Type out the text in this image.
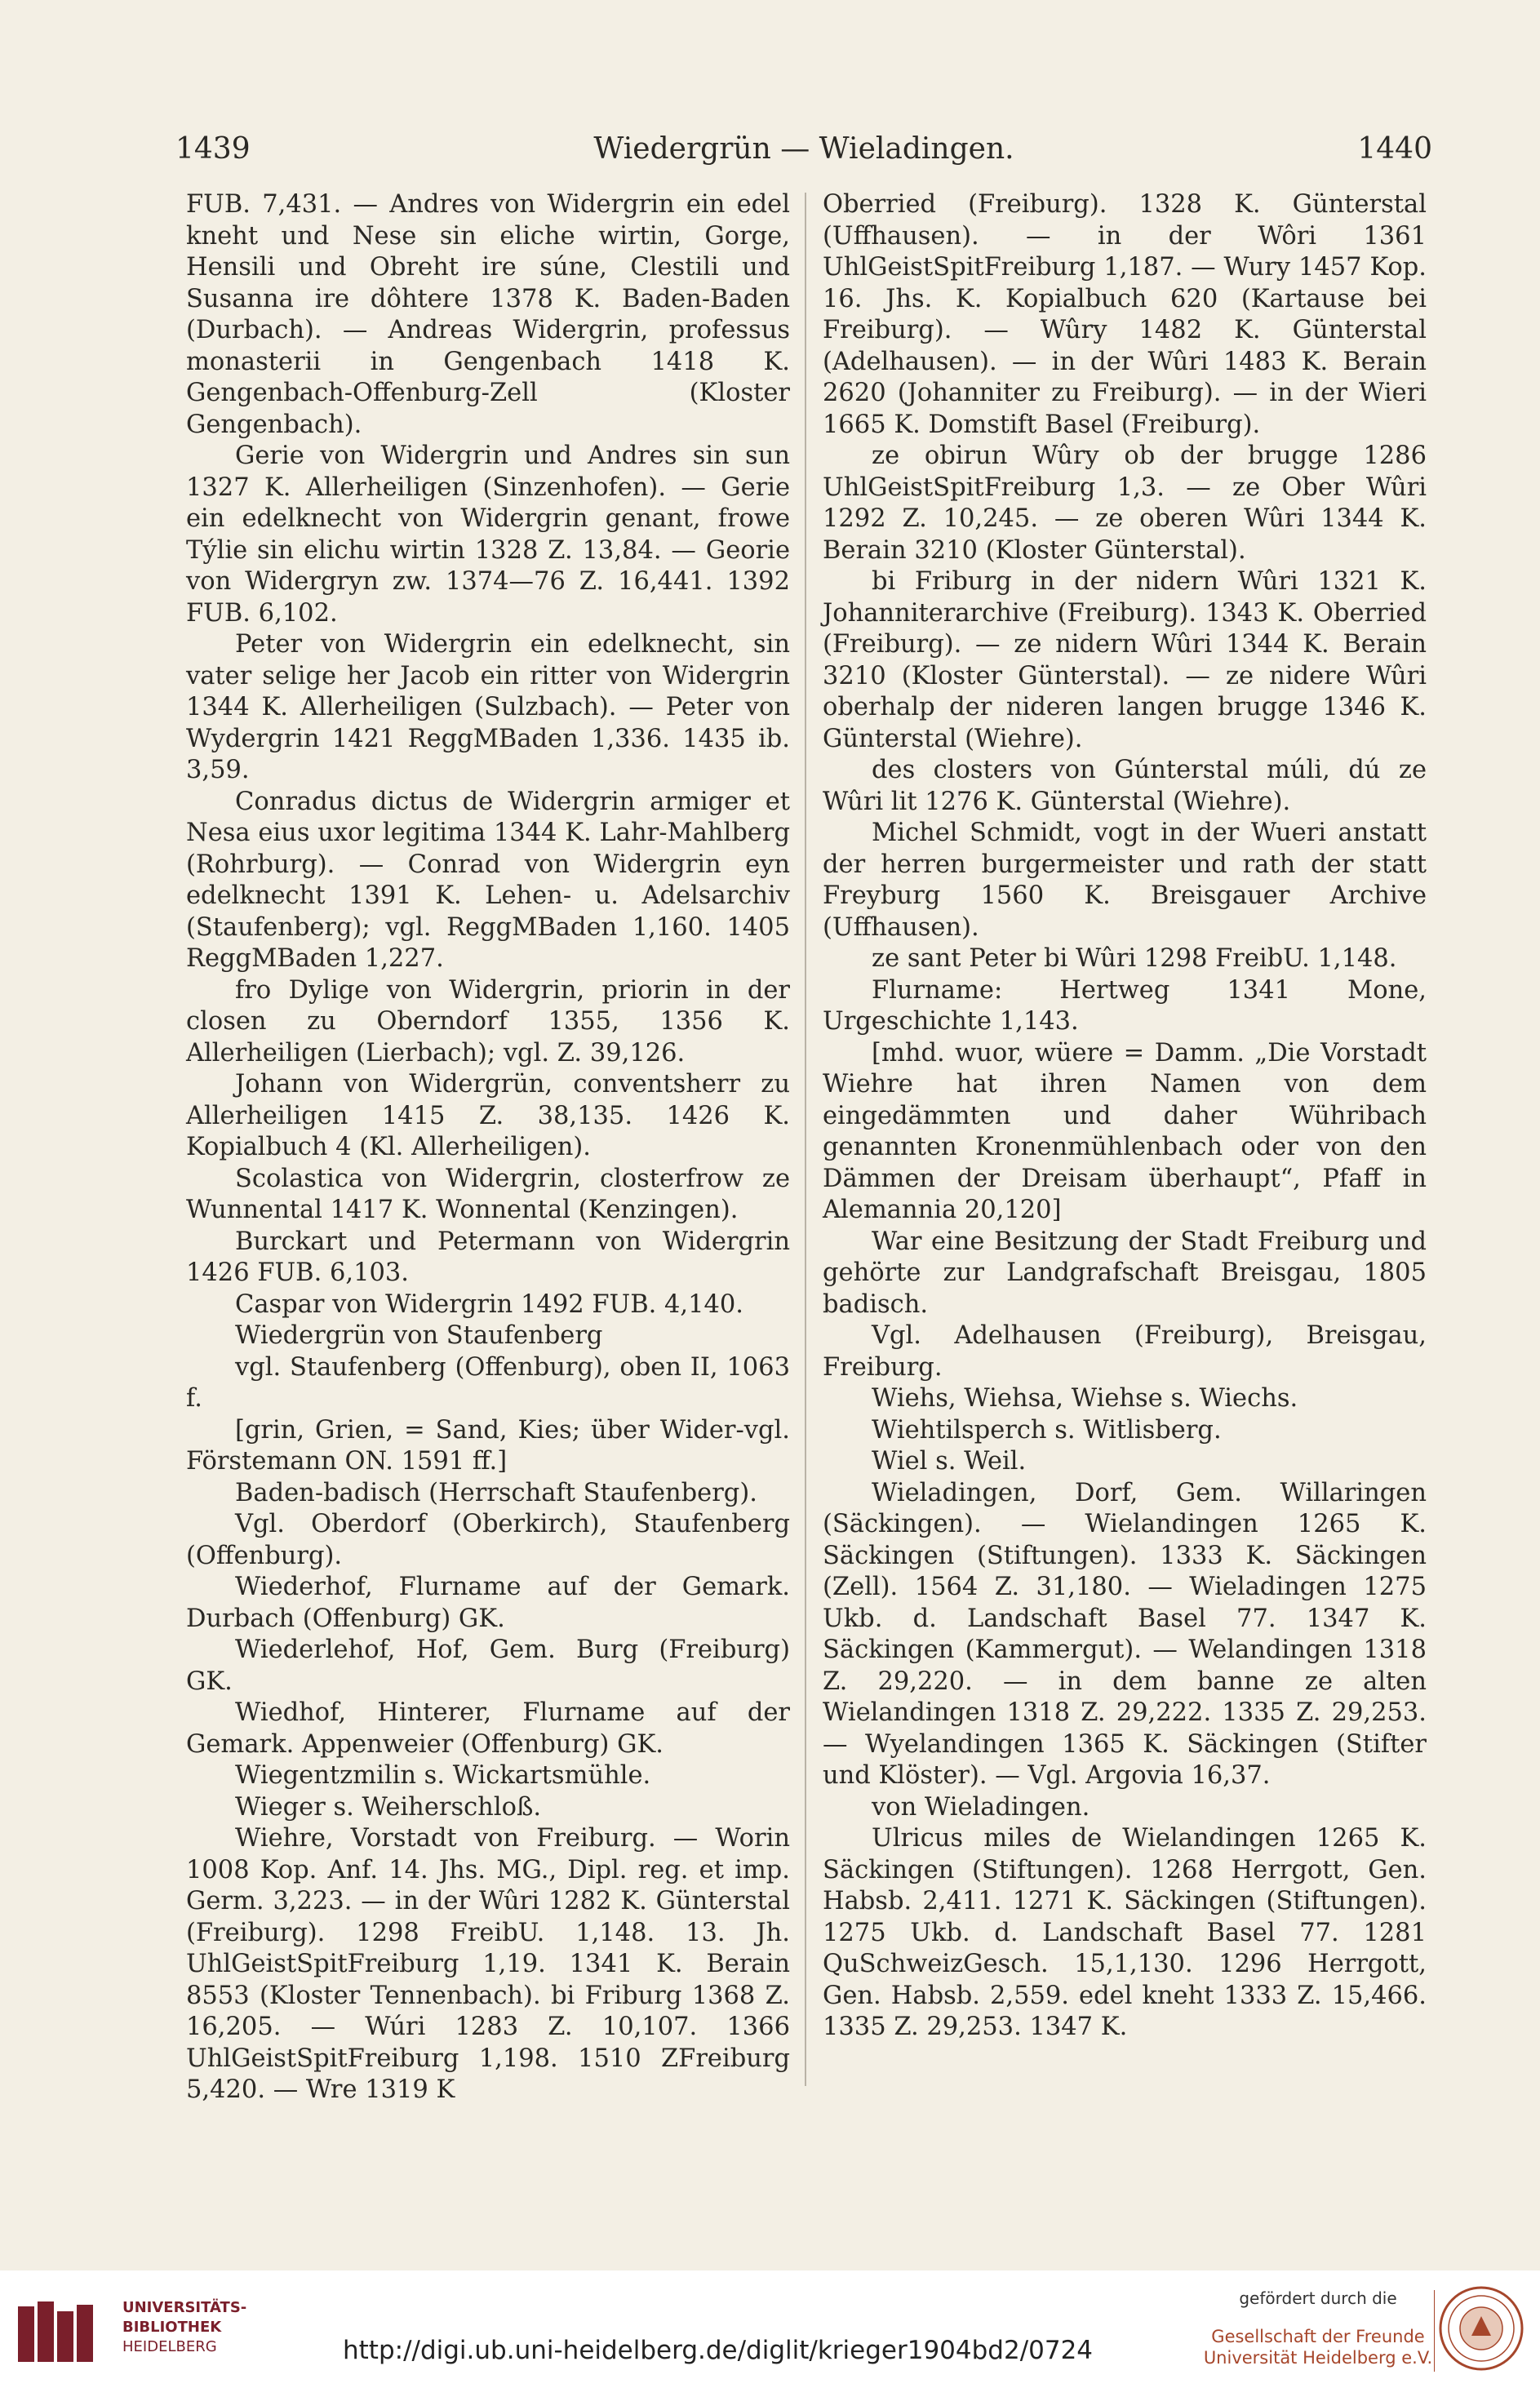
1439	Wiedergrün — Wieladingen.	1440

FUB. 7,431. — Andres von Widergrin ein edel kneht und Nese sin eliche wirtin, Gorge, Hensili und Obreht ire súne, Clestili und Susanna ire dôhtere 1378 K. Baden-Baden (Durbach). — Andreas Widergrin, professus monasterii in Gengenbach 1418 K. Gengenbach-Offenburg-Zell (Kloster Gengenbach).

Gerie von Widergrin und Andres sin sun 1327 K. Allerheiligen (Sinzenhofen). — Gerie ein edelknecht von Widergrin genant, frowe Týlie sin elichu wirtin 1328 Z. 13,84. — Georie von Widergryn zw. 1374—76 Z. 16,441. 1392 FUB. 6,102.

Peter von Widergrin ein edelknecht, sin vater selige her Jacob ein ritter von Widergrin 1344 K. Allerheiligen (Sulzbach). — Peter von Wydergrin 1421 ReggMBaden 1,336. 1435 ib. 3,59.

Conradus dictus de Widergrin armiger et Nesa eius uxor legitima 1344 K. Lahr-Mahlberg (Rohrburg). — Conrad von Widergrin eyn edelknecht 1391 K. Lehen- u. Adelsarchiv (Staufenberg); vgl. ReggMBaden 1,160. 1405 ReggMBaden 1,227.

fro Dylige von Widergrin, priorin in der closen zu Oberndorf 1355, 1356 K. Allerheiligen (Lierbach); vgl. Z. 39,126.

Johann von Widergrün, conventsherr zu Allerheiligen 1415 Z. 38,135. 1426 K. Kopialbuch 4 (Kl. Allerheiligen).

Scolastica von Widergrin, closterfrow ze Wunnental 1417 K. Wonnental (Kenzingen).

Burckart und Petermann von Widergrin 1426 FUB. 6,103.

Caspar von Widergrin 1492 FUB. 4,140.

Wiedergrün von Staufenberg

vgl. Staufenberg (Offenburg), oben II, 1063 f.

[grin, Grien, = Sand, Kies; über Wider-vgl. Förstemann ON. 1591 ff.]

Baden-badisch (Herrschaft Staufenberg).

Vgl. Oberdorf (Oberkirch), Staufenberg (Offenburg).

Wiederhof, Flurname auf der Gemark. Durbach (Offenburg) GK.

Wiederlehof, Hof, Gem. Burg (Freiburg) GK.

Wiedhof, Hinterer, Flurname auf der Gemark. Appenweier (Offenburg) GK.

Wiegentzmilin s. Wickartsmühle.

Wieger s. Weiherschloß.

Wiehre, Vorstadt von Freiburg. — Worin 1008 Kop. Anf. 14. Jhs. MG., Dipl. reg. et imp. Germ. 3,223. — in der Wûri 1282 K. Günterstal (Freiburg). 1298 FreibU. 1,148. 13. Jh. UhlGeistSpitFreiburg 1,19. 1341 K. Berain 8553 (Kloster Tennenbach). bi Friburg 1368 Z. 16,205. — Wúri 1283 Z. 10,107. 1366 UhlGeistSpitFreiburg 1,198. 1510 ZFreiburg 5,420. — Wre 1319 K

Oberried (Freiburg). 1328 K. Günterstal (Uffhausen). — in der Wôri 1361 UhlGeistSpitFreiburg 1,187. — Wury 1457 Kop. 16. Jhs. K. Kopialbuch 620 (Kartause bei Freiburg). — Wûry 1482 K. Günterstal (Adelhausen). — in der Wûri 1483 K. Berain 2620 (Johanniter zu Freiburg). — in der Wieri 1665 K. Domstift Basel (Freiburg).

ze obirun Wûry ob der brugge 1286 UhlGeistSpitFreiburg 1,3. — ze Ober Wûri 1292 Z. 10,245. — ze oberen Wûri 1344 K. Berain 3210 (Kloster Günterstal).

bi Friburg in der nidern Wûri 1321 K. Johanniterarchive (Freiburg). 1343 K. Oberried (Freiburg). — ze nidern Wûri 1344 K. Berain 3210 (Kloster Günterstal). — ze nidere Wûri oberhalp der nideren langen brugge 1346 K. Günterstal (Wiehre).

des closters von Gúnterstal múli, dú ze Wûri lit 1276 K. Günterstal (Wiehre).

Michel Schmidt, vogt in der Wueri anstatt der herren burgermeister und rath der statt Freyburg 1560 K. Breisgauer Archive (Uffhausen).

ze sant Peter bi Wûri 1298 FreibU. 1,148.

Flurname: Hertweg 1341 Mone, Urgeschichte 1,143.

[mhd. wuor, wüere = Damm. „Die Vorstadt Wiehre hat ihren Namen von dem eingedämmten und daher Wühribach genannten Kronenmühlenbach oder von den Dämmen der Dreisam überhaupt“, Pfaff in Alemannia 20,120]

War eine Besitzung der Stadt Freiburg und gehörte zur Landgrafschaft Breisgau, 1805 badisch.

Vgl. Adelhausen (Freiburg), Breisgau, Freiburg.

Wiehs, Wiehsa, Wiehse s. Wiechs.

Wiehtilsperch s. Witlisberg.

Wiel s. Weil.

Wieladingen, Dorf, Gem. Willaringen (Säckingen). — Wielandingen 1265 K. Säckingen (Stiftungen). 1333 K. Säckingen (Zell). 1564 Z. 31,180. — Wieladingen 1275 Ukb. d. Landschaft Basel 77. 1347 K. Säckingen (Kammergut). — Welandingen 1318 Z. 29,220. — in dem banne ze alten Wielandingen 1318 Z. 29,222. 1335 Z. 29,253. — Wyelandingen 1365 K. Säckingen (Stifter und Klöster). — Vgl. Argovia 16,37.

von Wieladingen.

Ulricus miles de Wielandingen 1265 K. Säckingen (Stiftungen). 1268 Herrgott, Gen. Habsb. 2,411. 1271 K. Säckingen (Stiftungen). 1275 Ukb. d. Landschaft Basel 77. 1281 QuSchweizGesch. 15,1,130. 1296 Herrgott, Gen. Habsb. 2,559. edel kneht 1333 Z. 15,466. 1335 Z. 29,253. 1347 K.

UNIVERSITÄTS-
BIBLIOTHEK
HEIDELBERG	http://digi.ub.uni-heidelberg.de/diglit/krieger1904bd2/0724
gefördert durch die
Gesellschaft der Freunde
Universität Heidelberg e.V.
